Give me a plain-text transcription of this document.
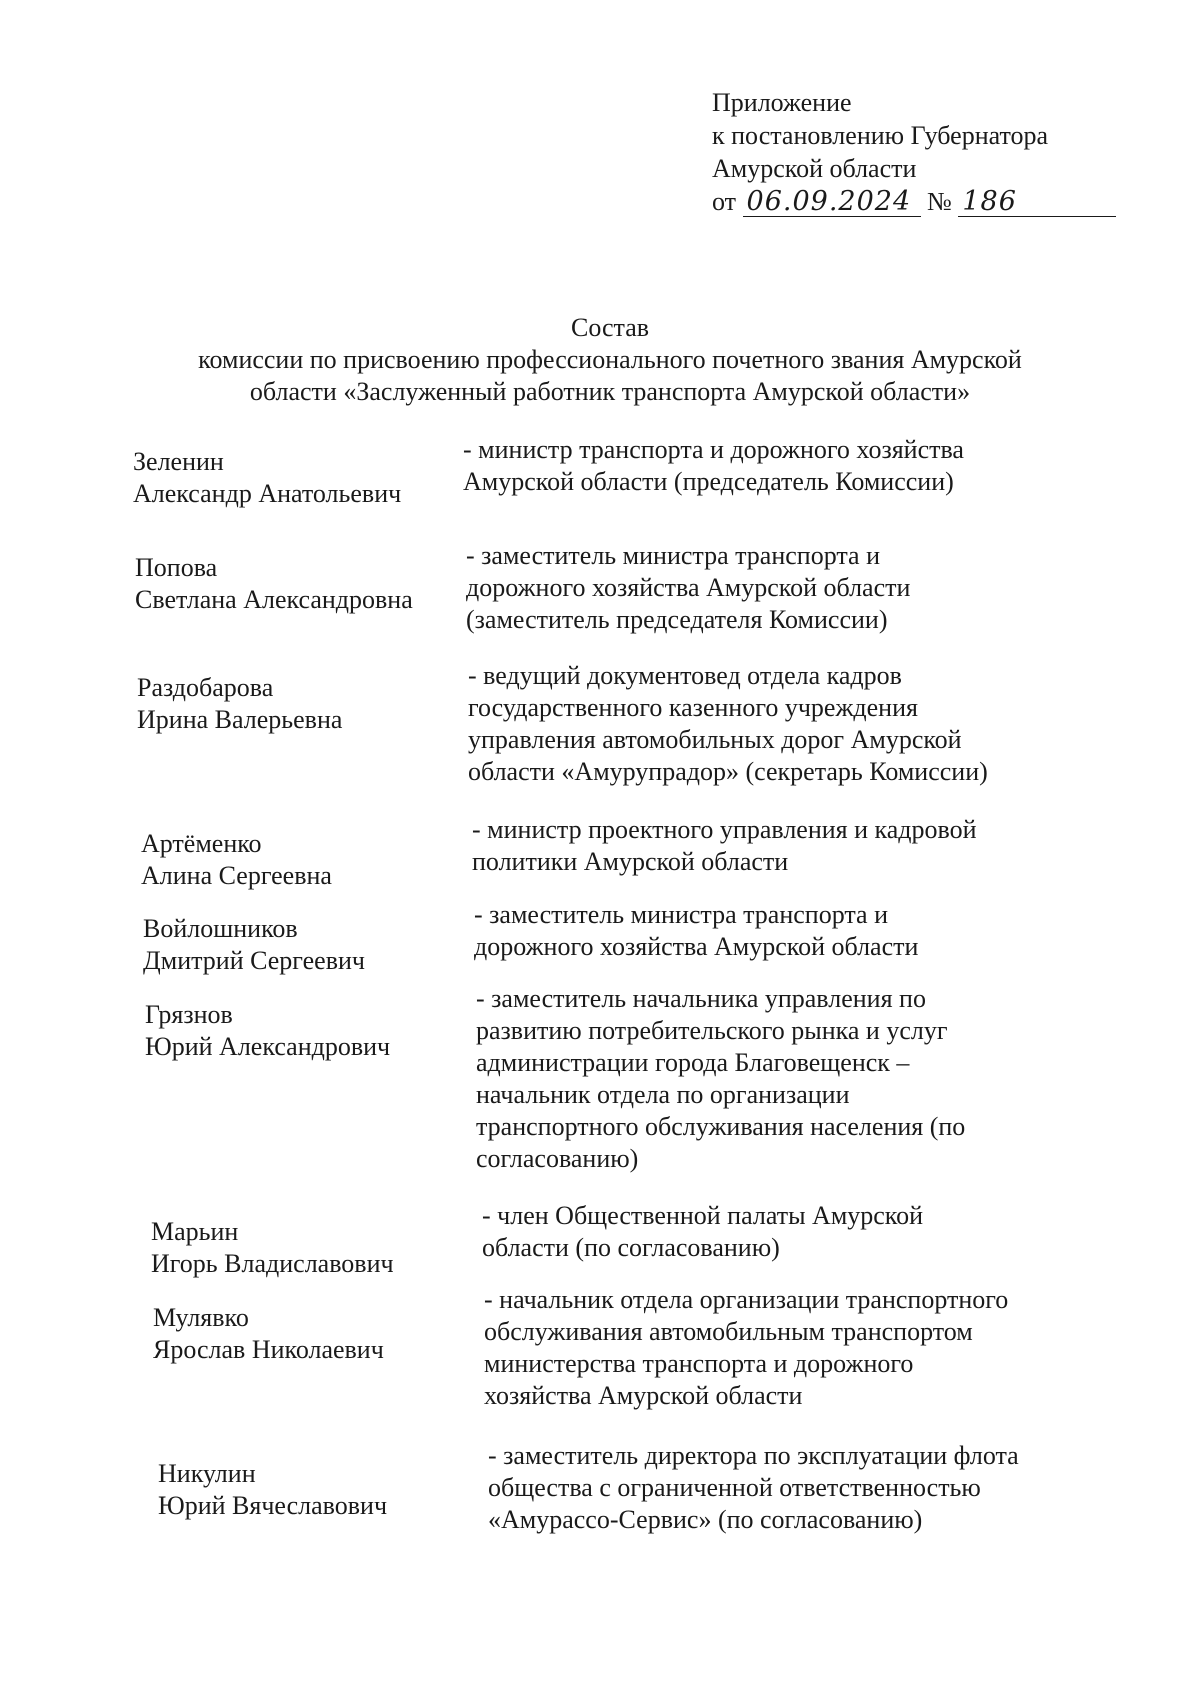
Приложение
к постановлению Губернатора
Амурской области
от 06.09.2024 № 186
Состав
комиссии по присвоению профессионального почетного звания Амурской
области «Заслуженный работник транспорта Амурской области»
Зеленин
Александр Анатольевич
- министр транспорта и дорожного хозяйства
Амурской области (председатель Комиссии)
Попова
Светлана Александровна
- заместитель министра транспорта и
дорожного хозяйства Амурской области
(заместитель председателя Комиссии)
Раздобарова
Ирина Валерьевна
- ведущий документовед отдела кадров
государственного казенного учреждения
управления автомобильных дорог Амурской
области «Амурупрадор» (секретарь Комиссии)
Артёменко
Алина Сергеевна
- министр проектного управления и кадровой
политики Амурской области
Войлошников
Дмитрий Сергеевич
- заместитель министра транспорта и
дорожного хозяйства Амурской области
Грязнов
Юрий Александрович
- заместитель начальника управления по
развитию потребительского рынка и услуг
администрации города Благовещенск –
начальник отдела по организации
транспортного обслуживания населения (по
согласованию)
Марьин
Игорь Владиславович
- член Общественной палаты Амурской
области (по согласованию)
Мулявко
Ярослав Николаевич
- начальник отдела организации транспортного
обслуживания автомобильным транспортом
министерства транспорта и дорожного
хозяйства Амурской области
Никулин
Юрий Вячеславович
- заместитель директора по эксплуатации флота
общества с ограниченной ответственностью
«Амурассо-Сервис» (по согласованию)
